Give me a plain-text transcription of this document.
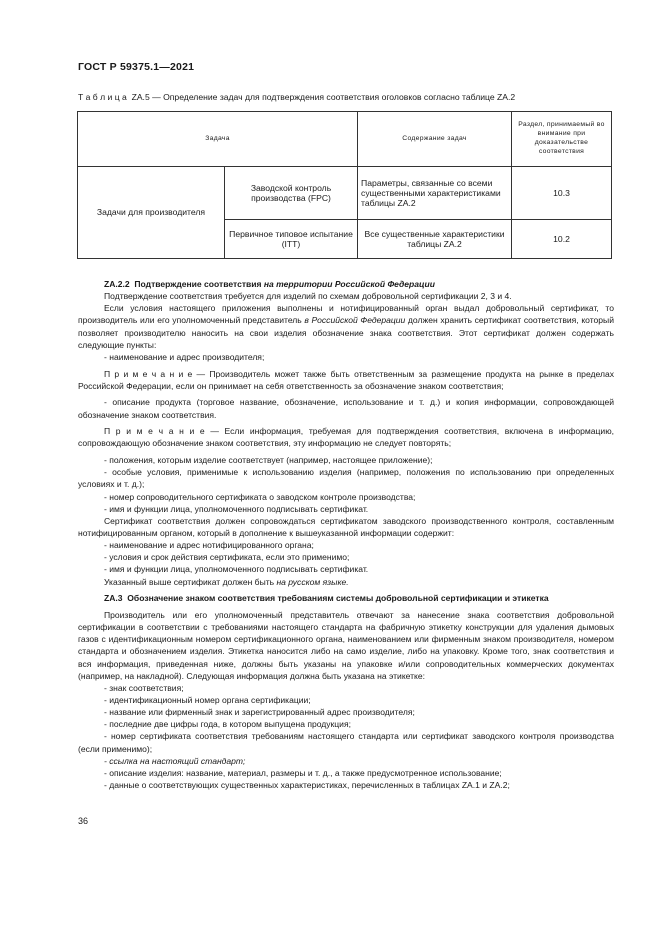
ГОСТ Р 59375.1—2021
Т а б л и ц а ZA.5 — Определение задач для подтверждения соответствия оголовков согласно таблице ZA.2
Задача		Содержание задач	Раздел, принимаемый во внимание при доказательстве соответствия
Задачи для производителя	Заводской контроль производства (FPC)	Параметры, связанные со всеми существенными характеристиками таблицы ZA.2	10.3
	Первичное типовое испытание (ITT)	Все существенные характеристики таблицы ZA.2	10.2

ZA.2.2 Подтверждение соответствия на территории Российской Федерации

Подтверждение соответствия требуется для изделий по схемам добровольной сертификации 2, 3 и 4.

Если условия настоящего приложения выполнены и нотифицированный орган выдал добровольный сертификат, то производитель или его уполномоченный представитель в Российской Федерации должен хранить сертификат соответствия, который позволяет производителю наносить на свои изделия обозначение знака соответствия. Этот сертификат должен содержать следующие пункты:

- наименование и адрес производителя;

П р и м е ч а н и е — Производитель может также быть ответственным за размещение продукта на рынке в пределах Российской Федерации, если он принимает на себя ответственность за обозначение знаком соответствия;

- описание продукта (торговое название, обозначение, использование и т. д.) и копия информации, сопровождающей обозначение знаком соответствия.

П р и м е ч а н и е — Если информация, требуемая для подтверждения соответствия, включена в информацию, сопровождающую обозначение знаком соответствия, эту информацию не следует повторять;

- положения, которым изделие соответствует (например, настоящее приложение);

- особые условия, применимые к использованию изделия (например, положения по использованию при определенных условиях и т. д.);

- номер сопроводительного сертификата о заводском контроле производства;

- имя и функции лица, уполномоченного подписывать сертификат.

Сертификат соответствия должен сопровождаться сертификатом заводского производственного контроля, составленным нотифицированным органом, который в дополнение к вышеуказанной информации содержит:

- наименование и адрес нотифицированного органа;

- условия и срок действия сертификата, если это применимо;

- имя и функции лица, уполномоченного подписывать сертификат.

Указанный выше сертификат должен быть на русском языке.

ZA.3 Обозначение знаком соответствия требованиям системы добровольной сертификации и этикетка

Производитель или его уполномоченный представитель отвечают за нанесение знака соответствия добровольной сертификации в соответствии с требованиями настоящего стандарта на фабричную этикетку конструкции для удаления дымовых газов с идентификационным номером сертификационного органа, наименованием или фирменным знаком производителя, номером стандарта и обозначением изделия. Этикетка наносится либо на само изделие, либо на упаковку. Кроме того, знак соответствия и вся информация, приведенная ниже, должны быть указаны на упаковке и/или сопроводительных коммерческих документах (например, на накладной). Следующая информация должна быть указана на этикетке:

- знак соответствия;

- идентификационный номер органа сертификации;

- название или фирменный знак и зарегистрированный адрес производителя;

- последние две цифры года, в котором выпущена продукция;

- номер сертификата соответствия требованиям настоящего стандарта или сертификат заводского контроля производства (если применимо);

- ссылка на настоящий стандарт;

- описание изделия: название, материал, размеры и т. д., а также предусмотренное использование;

- данные о соответствующих существенных характеристиках, перечисленных в таблицах ZA.1 и ZA.2;

36
